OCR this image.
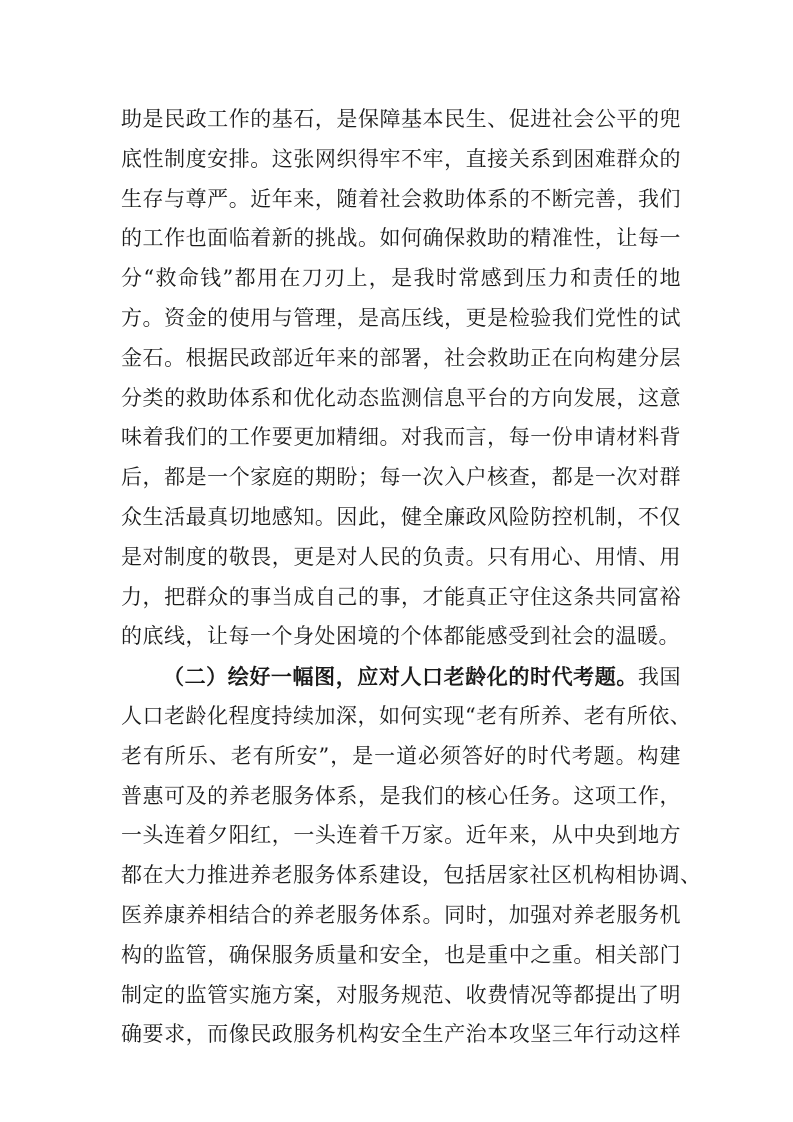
助是民政工作的基石，是保障基本民生、促进社会公平的兜
底性制度安排。这张网织得牢不牢，直接关系到困难群众的
生存与尊严。近年来，随着社会救助体系的不断完善，我们
的工作也面临着新的挑战。如何确保救助的精准性，让每一
分“救命钱”都用在刀刃上，是我时常感到压力和责任的地
方。资金的使用与管理，是高压线，更是检验我们党性的试
金石。根据民政部近年来的部署，社会救助正在向构建分层
分类的救助体系和优化动态监测信息平台的方向发展，这意
味着我们的工作要更加精细。对我而言，每一份申请材料背
后，都是一个家庭的期盼；每一次入户核查，都是一次对群
众生活最真切地感知。因此，健全廉政风险防控机制，不仅
是对制度的敬畏，更是对人民的负责。只有用心、用情、用
力，把群众的事当成自己的事，才能真正守住这条共同富裕
的底线，让每一个身处困境的个体都能感受到社会的温暖。
（二）绘好一幅图，应对人口老龄化的时代考题。我国
人口老龄化程度持续加深，如何实现“老有所养、老有所依、
老有所乐、老有所安”，是一道必须答好的时代考题。构建
普惠可及的养老服务体系，是我们的核心任务。这项工作，
一头连着夕阳红，一头连着千万家。近年来，从中央到地方
都在大力推进养老服务体系建设，包括居家社区机构相协调、
医养康养相结合的养老服务体系。同时，加强对养老服务机
构的监管，确保服务质量和安全，也是重中之重。相关部门
制定的监管实施方案，对服务规范、收费情况等都提出了明
确要求，而像民政服务机构安全生产治本攻坚三年行动这样
